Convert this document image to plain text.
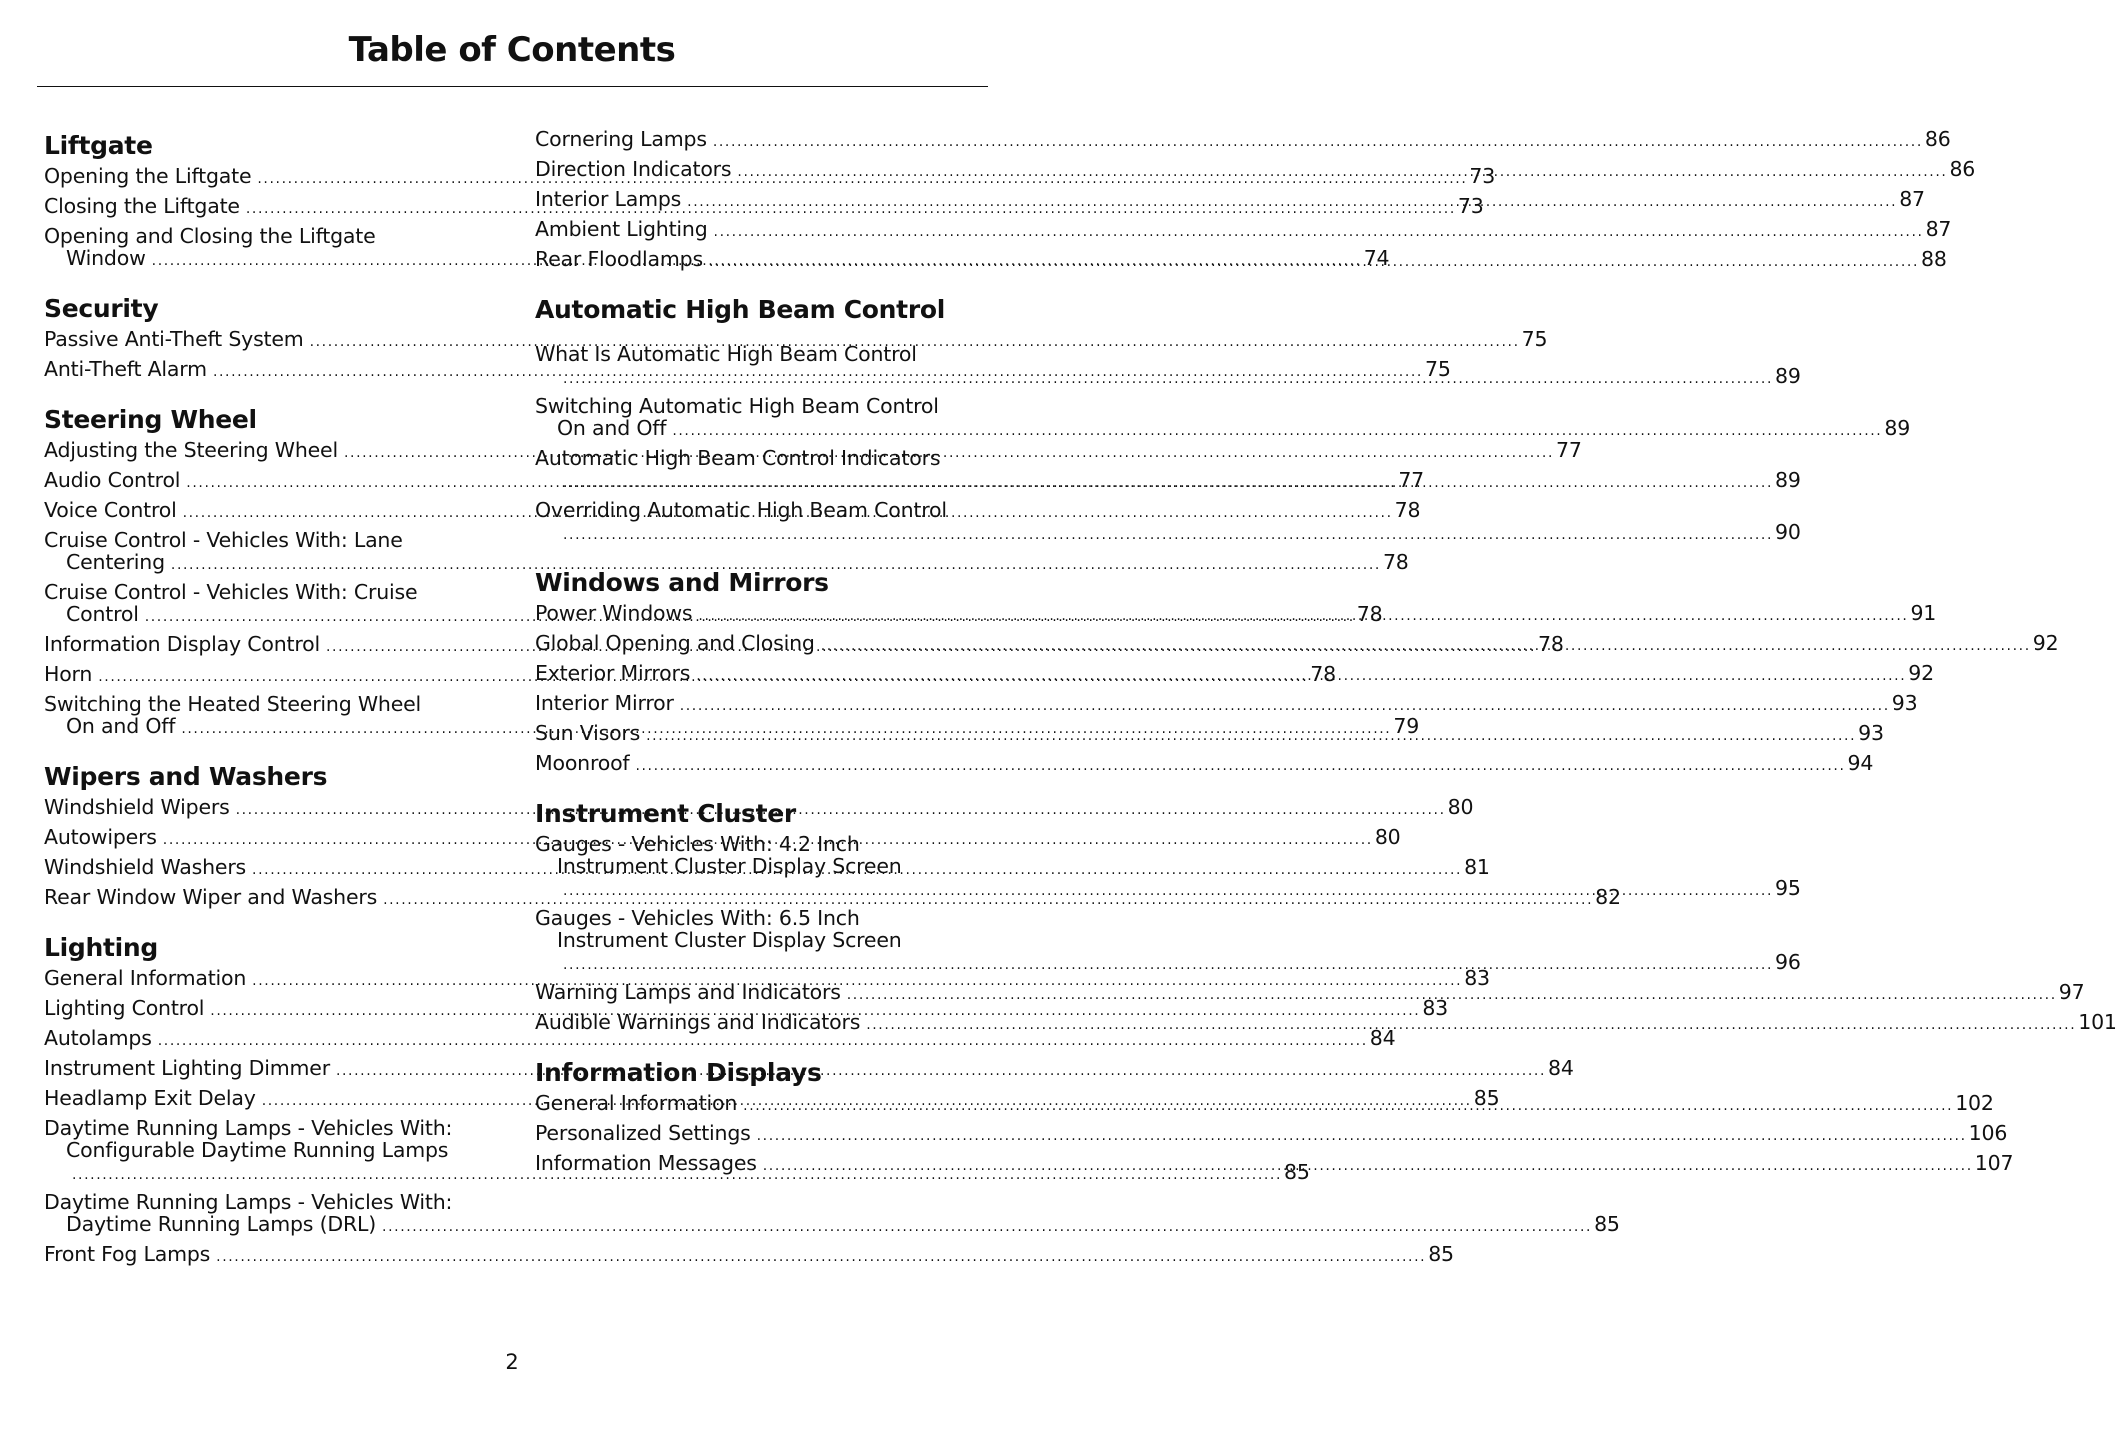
Table of Contents
Liftgate
Opening the Liftgate .....	73
Closing the Liftgate .....	73
Opening and Closing the Liftgate
Window .....	74
Security
Passive Anti-Theft System .....	75
Anti-Theft Alarm .....	75
Steering Wheel
Adjusting the Steering Wheel .....	77
Audio Control .....	77
Voice Control .....	78
Cruise Control - Vehicles With: Lane
Centering .....	78
Cruise Control - Vehicles With: Cruise
Control .....	78
Information Display Control .....	78
Horn .....	78
Switching the Heated Steering Wheel
On and Off .....	79
Wipers and Washers
Windshield Wipers .....	80
Autowipers .....	80
Windshield Washers .....	81
Rear Window Wiper and Washers .....	82
Lighting
General Information .....	83
Lighting Control .....	83
Autolamps .....	84
Instrument Lighting Dimmer .....	84
Headlamp Exit Delay .....	85
Daytime Running Lamps - Vehicles With:
Configurable Daytime Running Lamps
..... 85
Daytime Running Lamps - Vehicles With:
Daytime Running Lamps (DRL) .....	85
Front Fog Lamps .....	85
Cornering Lamps .....	86
Direction Indicators .....	86
Interior Lamps .....	87
Ambient Lighting .....	87
Rear Floodlamps .....	88
Automatic High Beam Control
What Is Automatic High Beam Control
..... 89
Switching Automatic High Beam Control
On and Off .....	89
Automatic High Beam Control Indicators
..... 89
Overriding Automatic High Beam Control
..... 90
Windows and Mirrors
Power Windows .....	91
Global Opening and Closing .....	92
Exterior Mirrors .....	92
Interior Mirror .....	93
Sun Visors .....	93
Moonroof .....	94
Instrument Cluster
Gauges - Vehicles With: 4.2 Inch
Instrument Cluster Display Screen
..... 95
Gauges - Vehicles With: 6.5 Inch
Instrument Cluster Display Screen
..... 96
Warning Lamps and Indicators .....	97
Audible Warnings and Indicators .....	101
Information Displays
General Information .....	102
Personalized Settings .....	106
Information Messages .....	107
2
